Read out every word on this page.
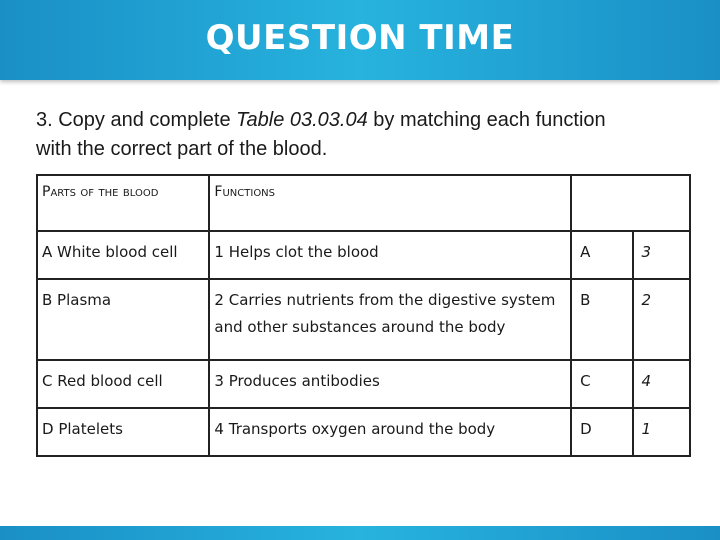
QUESTION TIME
3. Copy and complete Table 03.03.04 by matching each function with the correct part of the blood.
Parts of the blood	Functions		
A White blood cell	1 Helps clot the blood	A	3
B Plasma	2 Carries nutrients from the digestive system and other substances around the body	B	2
C Red blood cell	3 Produces antibodies	C	4
D Platelets	4 Transports oxygen around the body	D	1
